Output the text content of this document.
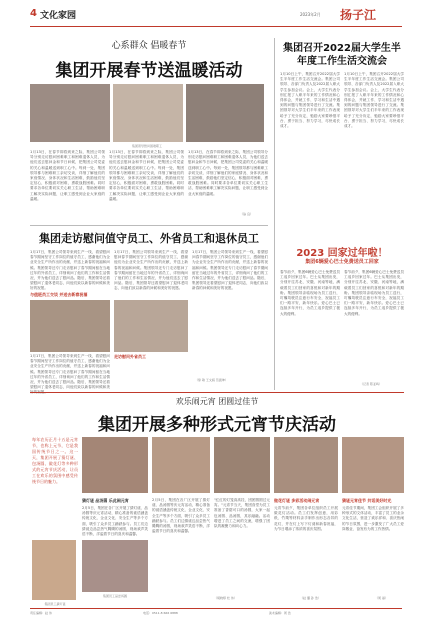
4 文化家园	2023年2月 扬子江
心系群众 倡暖春节
集团开展春节送温暖活动
集团领导慰问困难职工
1月13日，在春节即将到来之际，集团公司领导分别走访慰问困难职工和困难退休人员，为他们送去慰问金和节日问候，把集团公司党委的关心和温暖送到职工心中。每到一处，集团领导都与困难职工亲切交谈，详细了解他们的家庭情况、身体状况和生活困难，鼓励他们坚定信心，积极面对困难，勇敢战胜困难。同时要求各单位要切实关心职工生活，帮助困难职工解决实际问题，让职工感受到企业大家庭的温暖。
1月13日，在春节即将到来之际，集团公司领导分别走访慰问困难职工和困难退休人员，为他们送去慰问金和节日问候，把集团公司党委的关心和温暖送到职工心中。每到一处，集团领导都与困难职工亲切交谈，详细了解他们的家庭情况、身体状况和生活困难，鼓励他们坚定信心，积极面对困难，勇敢战胜困难。同时要求各单位要切实关心职工生活，帮助困难职工解决实际问题，让职工感受到企业大家庭的温暖。
1月13日，在春节即将到来之际，集团公司领导分别走访慰问困难职工和困难退休人员，为他们送去慰问金和节日问候，把集团公司党委的关心和温暖送到职工心中。每到一处，集团领导都与困难职工亲切交谈，详细了解他们的家庭情况、身体状况和生活困难，鼓励他们坚定信心，积极面对困难，勇敢战胜困难。同时要求各单位要切实关心职工生活，帮助困难职工解决实际问题，让职工感受到企业大家庭的温暖。
（翁 良）
集团走访慰问值守员工、外省员工和退休员工
1月17日，集团公司领导来到生产一线，看望慰问春节期间坚守工作岗位的值守员工，感谢他们为企业安全生产所作出的贡献，并送上新春的祝福和问候。集团领导还专门走访慰问了春节期间留在当地过年的外省员工，详细询问了他们的工作和生活情况，并为他们送去了慰问品。随后，集团领导还看望慰问了退休老同志，向他们致以新春的问候和美好的祝愿。
与值班员工交谈 并送去新春祝福
走访慰问外省员工
1月17日，集团公司领导来到生产一线，看望慰问春节期间坚守工作岗位的值守员工，感谢他们为企业安全生产所作出的贡献，并送上新春的祝福和问候。集团领导还专门走访慰问了春节期间留在当地过年的外省员工，详细询问了他们的工作和生活情况，并为他们送去了慰问品。随后，集团领导还看望慰问了退休老同志，向他们致以新春的问候和美
1月17日，集团公司领导来到生产一线，看望慰问春节期间坚守工作岗位的值守员工，感谢他们为企业安全生产所作出的贡献，并送上新春的祝福和问候。集团领导还专门走访慰问了春节期间留在当地过年的外省员工，详细询问了他们的工作和生活情况，并为他们送去了慰问品。随后，集团领导还看望慰问了退休老同志，向他们致以新春的问候和美好的祝愿。
1月17日，集团公司领导来到生产一线，看望慰问春节期间坚守工作岗位的值守员工，感谢他们为企业安全生产所作出的贡献，并送上新春的祝福和问候。集团领导还专门走访慰问了春节期间留在当地过年的外省员工，详细询问了他们的工作和生活情况，并为他们送去了慰问品。随后，集团领导还看望慰问了退休老同志，向他们致以新春的问候和美好的祝愿。
（徐 敏 王文娟 范振坤）
集团召开2022届大学生半年度工作生活交流会
1月10日上午，集团召开2022届大学生半年度工作生活交流会。集团公司领导、各部门负责人及2022届入职大学生参加会议。会上，大学生代表分别汇报了入职半年来的工作情况和心得体会，并就工作、学习和生活中遇到的问题与集团领导进行了交流。集团领导对大学生们半年来的工作表现给予了充分肯定，勉励大家要珍惜平台、勇于担当、努力学习，尽快成长成才。
1月10日上午，集团召开2022届大学生半年度工作生活交流会。集团公司领导、各部门负责人及2022届入职大学生参加会议。会上，大学生代表分别汇报了入职半年来的工作情况和心得体会，并就工作、学习和生活中遇到的问题与集团领导进行了交流。集团领导对大学生们半年来的工作表现给予了充分肯定，勉励大家要珍惜平台、勇于担当、努力学习，尽快成长成才。
2023 回家过年啦！
集团6辆爱心巴士免费送员工回家
春节前夕，集团6辆爱心巴士免费送员工返乡回家过年。巴士从集团出发，分别开往苏北、安徽、河南等地，满载着员工们回家的喜悦和对新年的期盼。集团领导亲临现场为员工送行，叮嘱驾驶员注意行车安全，祝福员工们一路平安，新年快乐。爱心巴士已连续多年开行，为员工返乡提供了极大的便利。
春节前夕，集团6辆爱心巴士免费送员工返乡回家过年。巴士从集团出发，分别开往苏北、安徽、河南等地，满载着员工们回家的喜悦和对新年的期盼。集团领导亲临现场为员工送行，叮嘱驾驶员注意行车安全，祝福员工们一路平安，新年快乐。爱心巴士已连续多年开行，为员工返乡提供了极大的便利。
（记者 陈亚鸣）
欢乐闹元宵 团圆过佳节
集团开展多种形式元宵节庆活动
每年农历正月十五是元宵节，也称上元节，它是我国传统节日之一。这一天，集团开展了猜灯谜、包汤圆、做花灯等多种形式的元宵节庆活动，让员工在欢乐的氛围中感受传统节日的魅力。
集团员工品尝汤圆
集团员工猜灯谜
猜灯谜 品汤圆 乐此闹元宵
2月5日，集团在各厂区开展了猜灯谜、品汤圆等庆元宵活动，精心准备的谜语涵盖传统文化、企业文化、安全生产等多个方面，吸引了众多员工踊跃参与。员工们边猜谜边品尝热气腾腾的汤圆，现场欢声笑语不断，洋溢着节日的喜庆和温馨。
2月5日，集团在各厂区开展了猜灯谜、品汤圆等庆元宵活动，精心准备的谜语涵盖传统文化、企业文化、安全生产等多个方面，吸引了众多员工踊跃参与。员工们边猜谜边品尝热气腾腾的汤圆，现场欢声笑语不断，洋溢着节日的喜庆和温馨。
"红红的灯笼高高挂，团团圆圆过元宵。"元宵节当天，集团食堂为员工准备了香甜可口的汤圆，大家一起包汤圆、品汤圆，其乐融融。活动增进了员工之间的交流，增强了团队的凝聚力和向心力。
（胡晓婷 杜 伟）
做花灯谜 多彩活动闹元宵
元宵节前夕，集团各单位组织员工开展做花灯活动。员工们发挥创意，用彩纸、竹篾等材料亲手制作出形态各异的花灯，并在灯上写下灯谜和新春祝福，为节日增添了浓浓的喜庆氛围。
（赵 璐 孙 浩）
猜谜元宵佳节 共话美好时光
元宵佳节期间，集团工会组织开展了多种形式的文体活动，丰富了员工的业余文化生活，营造了欢乐祥和、喜庆热闹的节日氛围，进一步激发了广大员工爱岗敬业、奋发有为的工作热情。
（周 丽）
责任编辑：赵 伟	电话：0511-8 666 6888	美术编辑：周 浩
